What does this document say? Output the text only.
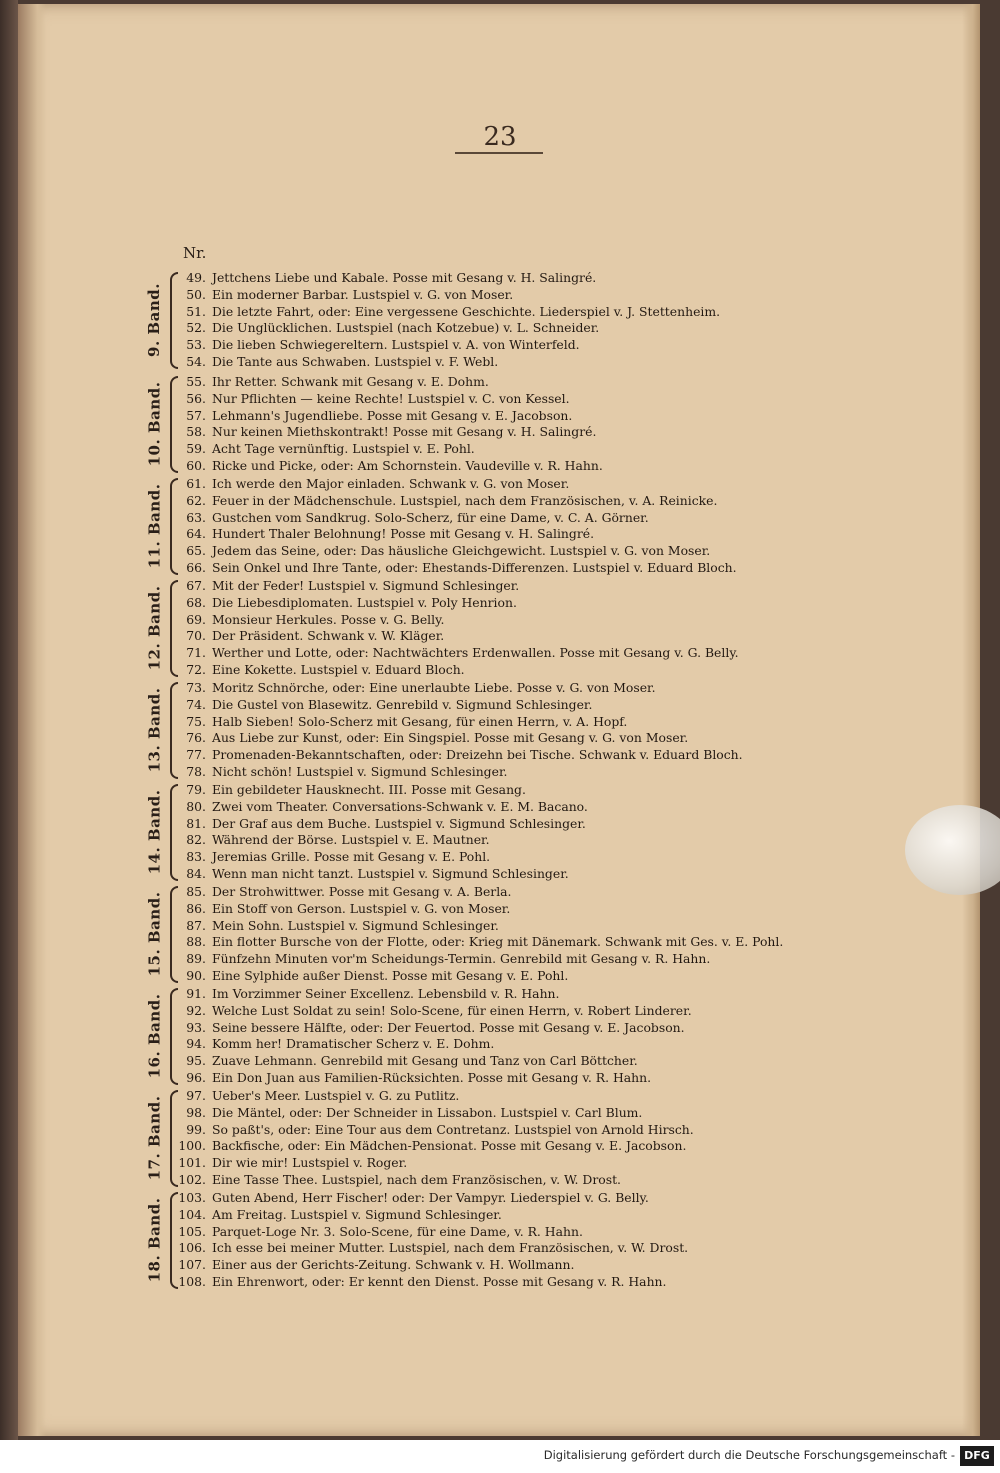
23
Nr.
9. Band.
49. Jettchens Liebe und Kabale. Posse mit Gesang v. H. Salingré.
50. Ein moderner Barbar. Lustspiel v. G. von Moser.
51. Die letzte Fahrt, oder: Eine vergessene Geschichte. Liederspiel v. J. Stettenheim.
52. Die Unglücklichen. Lustspiel (nach Kotzebue) v. L. Schneider.
53. Die lieben Schwiegereltern. Lustspiel v. A. von Winterfeld.
54. Die Tante aus Schwaben. Lustspiel v. F. Webl.
10. Band.
55. Ihr Retter. Schwank mit Gesang v. E. Dohm.
56. Nur Pflichten — keine Rechte! Lustspiel v. C. von Kessel.
57. Lehmann's Jugendliebe. Posse mit Gesang v. E. Jacobson.
58. Nur keinen Miethskontrakt! Posse mit Gesang v. H. Salingré.
59. Acht Tage vernünftig. Lustspiel v. E. Pohl.
60. Ricke und Picke, oder: Am Schornstein. Vaudeville v. R. Hahn.
11. Band.
61. Ich werde den Major einladen. Schwank v. G. von Moser.
62. Feuer in der Mädchenschule. Lustspiel, nach dem Französischen, v. A. Reinicke.
63. Gustchen vom Sandkrug. Solo-Scherz, für eine Dame, v. C. A. Görner.
64. Hundert Thaler Belohnung! Posse mit Gesang v. H. Salingré.
65. Jedem das Seine, oder: Das häusliche Gleichgewicht. Lustspiel v. G. von Moser.
66. Sein Onkel und Ihre Tante, oder: Ehestands-Differenzen. Lustspiel v. Eduard Bloch.
12. Band.
67. Mit der Feder! Lustspiel v. Sigmund Schlesinger.
68. Die Liebesdiplomaten. Lustspiel v. Poly Henrion.
69. Monsieur Herkules. Posse v. G. Belly.
70. Der Präsident. Schwank v. W. Kläger.
71. Werther und Lotte, oder: Nachtwächters Erdenwallen. Posse mit Gesang v. G. Belly.
72. Eine Kokette. Lustspiel v. Eduard Bloch.
13. Band.
73. Moritz Schnörche, oder: Eine unerlaubte Liebe. Posse v. G. von Moser.
74. Die Gustel von Blasewitz. Genrebild v. Sigmund Schlesinger.
75. Halb Sieben! Solo-Scherz mit Gesang, für einen Herrn, v. A. Hopf.
76. Aus Liebe zur Kunst, oder: Ein Singspiel. Posse mit Gesang v. G. von Moser.
77. Promenaden-Bekanntschaften, oder: Dreizehn bei Tische. Schwank v. Eduard Bloch.
78. Nicht schön! Lustspiel v. Sigmund Schlesinger.
14. Band.
79. Ein gebildeter Hausknecht. III. Posse mit Gesang.
80. Zwei vom Theater. Conversations-Schwank v. E. M. Bacano.
81. Der Graf aus dem Buche. Lustspiel v. Sigmund Schlesinger.
82. Während der Börse. Lustspiel v. E. Mautner.
83. Jeremias Grille. Posse mit Gesang v. E. Pohl.
84. Wenn man nicht tanzt. Lustspiel v. Sigmund Schlesinger.
15. Band.
85. Der Strohwittwer. Posse mit Gesang v. A. Berla.
86. Ein Stoff von Gerson. Lustspiel v. G. von Moser.
87. Mein Sohn. Lustspiel v. Sigmund Schlesinger.
88. Ein flotter Bursche von der Flotte, oder: Krieg mit Dänemark. Schwank mit Ges. v. E. Pohl.
89. Fünfzehn Minuten vor'm Scheidungs-Termin. Genrebild mit Gesang v. R. Hahn.
90. Eine Sylphide außer Dienst. Posse mit Gesang v. E. Pohl.
16. Band.
91. Im Vorzimmer Seiner Excellenz. Lebensbild v. R. Hahn.
92. Welche Lust Soldat zu sein! Solo-Scene, für einen Herrn, v. Robert Linderer.
93. Seine bessere Hälfte, oder: Der Feuertod. Posse mit Gesang v. E. Jacobson.
94. Komm her! Dramatischer Scherz v. E. Dohm.
95. Zuave Lehmann. Genrebild mit Gesang und Tanz von Carl Böttcher.
96. Ein Don Juan aus Familien-Rücksichten. Posse mit Gesang v. R. Hahn.
17. Band.
97. Ueber's Meer. Lustspiel v. G. zu Putlitz.
98. Die Mäntel, oder: Der Schneider in Lissabon. Lustspiel v. Carl Blum.
99. So paßt's, oder: Eine Tour aus dem Contretanz. Lustspiel von Arnold Hirsch.
100. Backfische, oder: Ein Mädchen-Pensionat. Posse mit Gesang v. E. Jacobson.
101. Dir wie mir! Lustspiel v. Roger.
102. Eine Tasse Thee. Lustspiel, nach dem Französischen, v. W. Drost.
18. Band.
103. Guten Abend, Herr Fischer! oder: Der Vampyr. Liederspiel v. G. Belly.
104. Am Freitag. Lustspiel v. Sigmund Schlesinger.
105. Parquet-Loge Nr. 3. Solo-Scene, für eine Dame, v. R. Hahn.
106. Ich esse bei meiner Mutter. Lustspiel, nach dem Französischen, v. W. Drost.
107. Einer aus der Gerichts-Zeitung. Schwank v. H. Wollmann.
108. Ein Ehrenwort, oder: Er kennt den Dienst. Posse mit Gesang v. R. Hahn.
Digitalisierung gefördert durch die Deutsche Forschungsgemeinschaft - DFG
